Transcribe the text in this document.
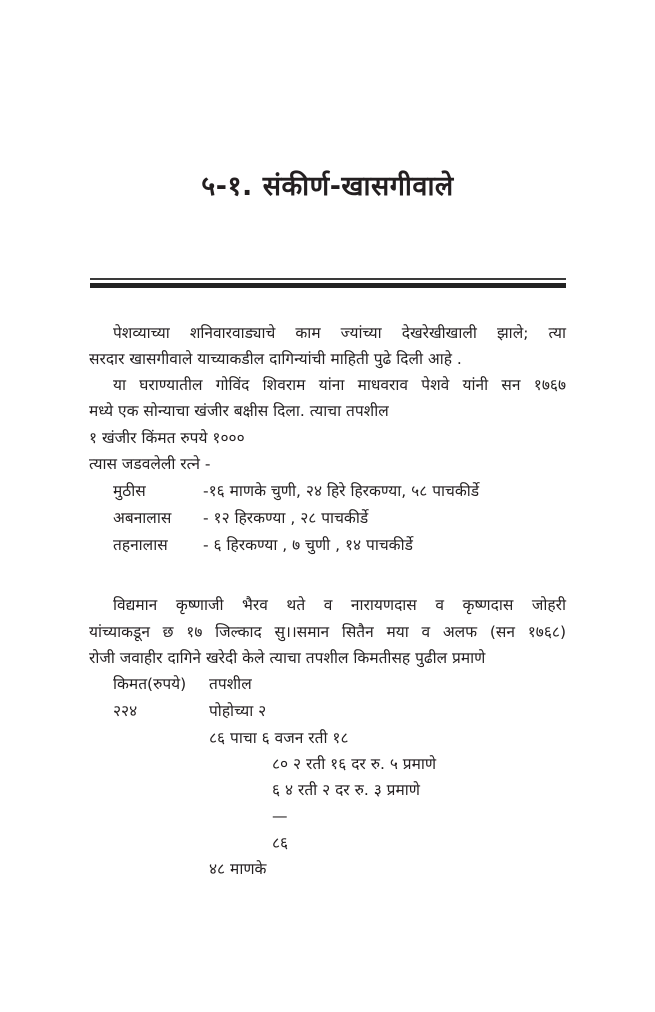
५-१. संकीर्ण-खासगीवाले
पेशव्याच्या शनिवारवाड्याचे काम ज्यांच्या देखरेखीखाली झाले; त्या
सरदार खासगीवाले याच्याकडील दागिन्यांची माहिती पुढे दिली आहे .
या घराण्यातील गोविंद शिवराम यांना माधवराव पेशवे यांनी सन १७६७
मध्ये एक सोन्याचा खंजीर बक्षीस दिला. त्याचा तपशील
१ खंजीर किंमत रुपये १०००
त्यास जडवलेली रत्ने -
मुठीस	-१६ माणके चुणी, २४ हिरे हिरकण्या, ५८ पाचकीर्डे
अबनालास - १२ हिरकण्या , २८ पाचकीर्डे
तहनालास - ६ हिरकण्या , ७ चुणी , १४ पाचकीर्डे
विद्यमान कृष्णाजी भैरव थते व नारायणदास व कृष्णदास जोहरी
यांच्याकडून छ १७ जिल्काद सु।।समान सितैन मया व अलफ (सन १७६८)
रोजी जवाहीर दागिने खरेदी केले त्याचा तपशील किमतीसह पुढील प्रमाणे
किमत(रुपये) तपशील
२२४	पोहोच्या २
८६ पाचा ६ वजन रती १८
८० २ रती १६ दर रु. ५ प्रमाणे
६ ४ रती २ दर रु. ३ प्रमाणे
—
८६
४८ माणके
